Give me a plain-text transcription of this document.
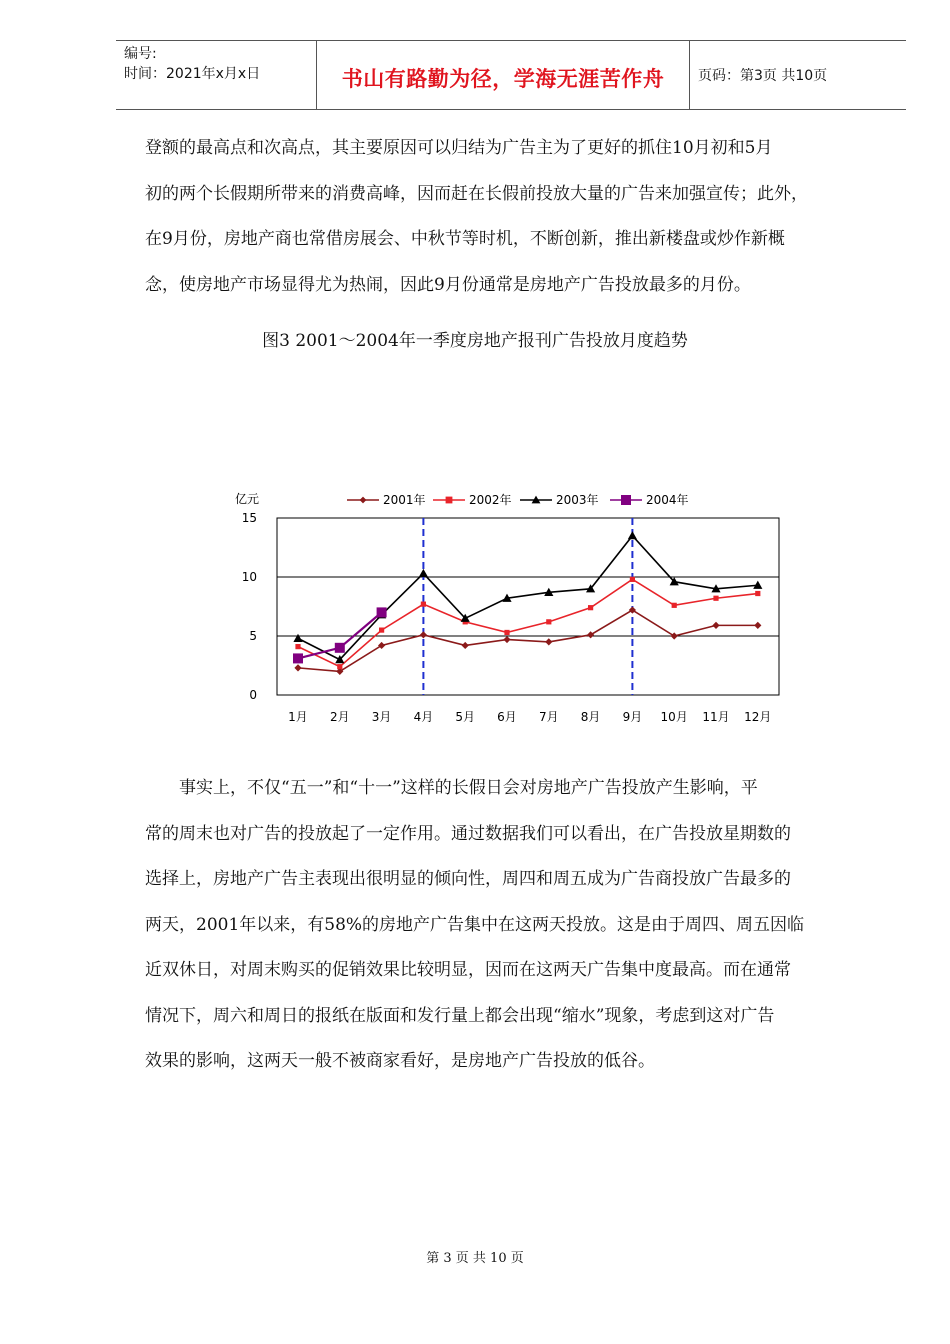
编号:
时间：2021年x月x日	书山有路勤为径，学海无涯苦作舟	页码：第3页 共10页

登额的最高点和次高点，其主要原因可以归结为广告主为了更好的抓住10月初和5月

初的两个长假期所带来的消费高峰，因而赶在长假前投放大量的广告来加强宣传；此外，

在9月份，房地产商也常借房展会、中秋节等时机，不断创新，推出新楼盘或炒作新概

念，使房地产市场显得尤为热闹，因此9月份通常是房地产广告投放最多的月份。

图3 2001～2004年一季度房地产报刊广告投放月度趋势
0
5
10
15
亿元
1月 2月 3月 4月 5月 6月 7月 8月 9月 10月 11月 12月
2001年	2002年	2003年	2004年

事实上，不仅“五一”和“十一”这样的长假日会对房地产广告投放产生影响，平

常的周末也对广告的投放起了一定作用。通过数据我们可以看出，在广告投放星期数的

选择上，房地产广告主表现出很明显的倾向性，周四和周五成为广告商投放广告最多的

两天，2001年以来，有58%的房地产广告集中在这两天投放。这是由于周四、周五因临

近双休日，对周末购买的促销效果比较明显，因而在这两天广告集中度最高。而在通常

情况下，周六和周日的报纸在版面和发行量上都会出现“缩水”现象，考虑到这对广告

效果的影响，这两天一般不被商家看好，是房地产广告投放的低谷。

第 3 页 共 10 页
